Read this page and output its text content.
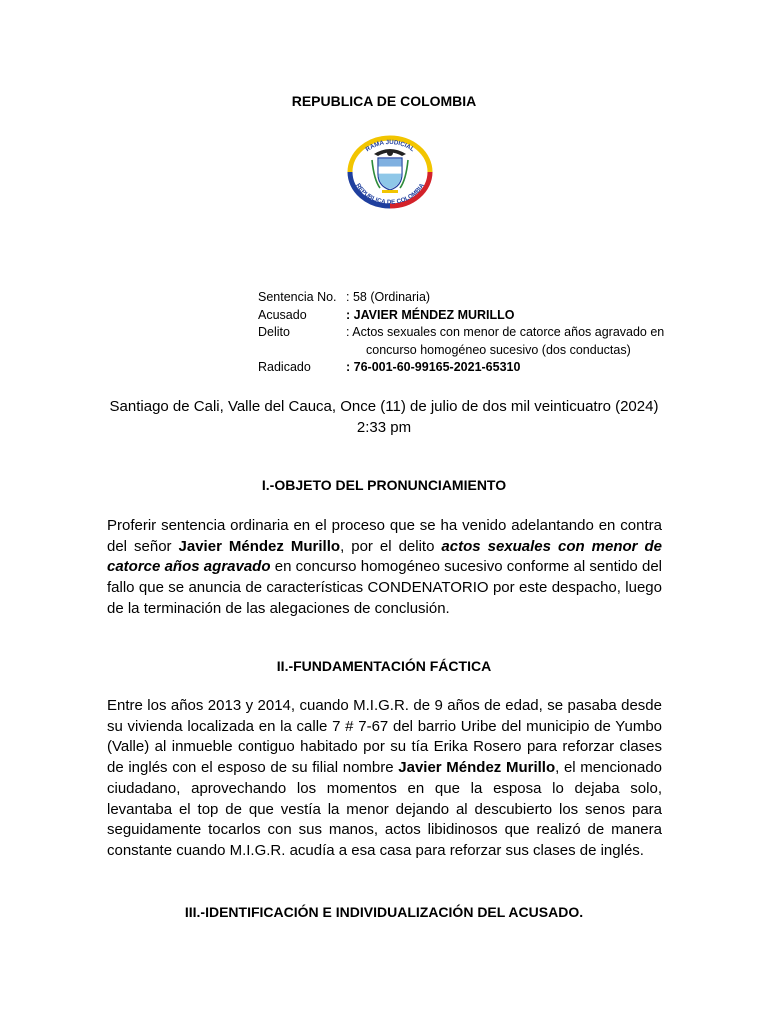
REPUBLICA DE COLOMBIA
RAMA JUDICIAL
REPUBLICA DE COLOMBIA
Sentencia No. : 58 (Ordinaria)
Acusado	: JAVIER MÉNDEZ MURILLO
Delito	: Actos sexuales con menor de catorce años agravado en
concurso homogéneo sucesivo (dos conductas)
Radicado	: 76-001-60-99165-2021-65310
Santiago de Cali, Valle del Cauca, Once (11) de julio de dos mil veinticuatro (2024)
2:33 pm
I.-OBJETO DEL PRONUNCIAMIENTO
Proferir sentencia ordinaria en el proceso que se ha venido adelantando en contra del señor Javier Méndez Murillo, por el delito actos sexuales con menor de catorce años agravado en concurso homogéneo sucesivo conforme al sentido del fallo que se anuncia de características CONDENATORIO por este despacho, luego de la terminación de las alegaciones de conclusión.
II.-FUNDAMENTACIÓN FÁCTICA
Entre los años 2013 y 2014, cuando M.I.G.R. de 9 años de edad, se pasaba desde su vivienda localizada en la calle 7 # 7-67 del barrio Uribe del municipio de Yumbo (Valle) al inmueble contiguo habitado por su tía Erika Rosero para reforzar clases de inglés con el esposo de su filial nombre Javier Méndez Murillo, el mencionado ciudadano, aprovechando los momentos en que la esposa lo dejaba solo, levantaba el top de que vestía la menor dejando al descubierto los senos para seguidamente tocarlos con sus manos, actos libidinosos que realizó de manera constante cuando M.I.G.R. acudía a esa casa para reforzar sus clases de inglés.
III.-IDENTIFICACIÓN E INDIVIDUALIZACIÓN DEL ACUSADO.
